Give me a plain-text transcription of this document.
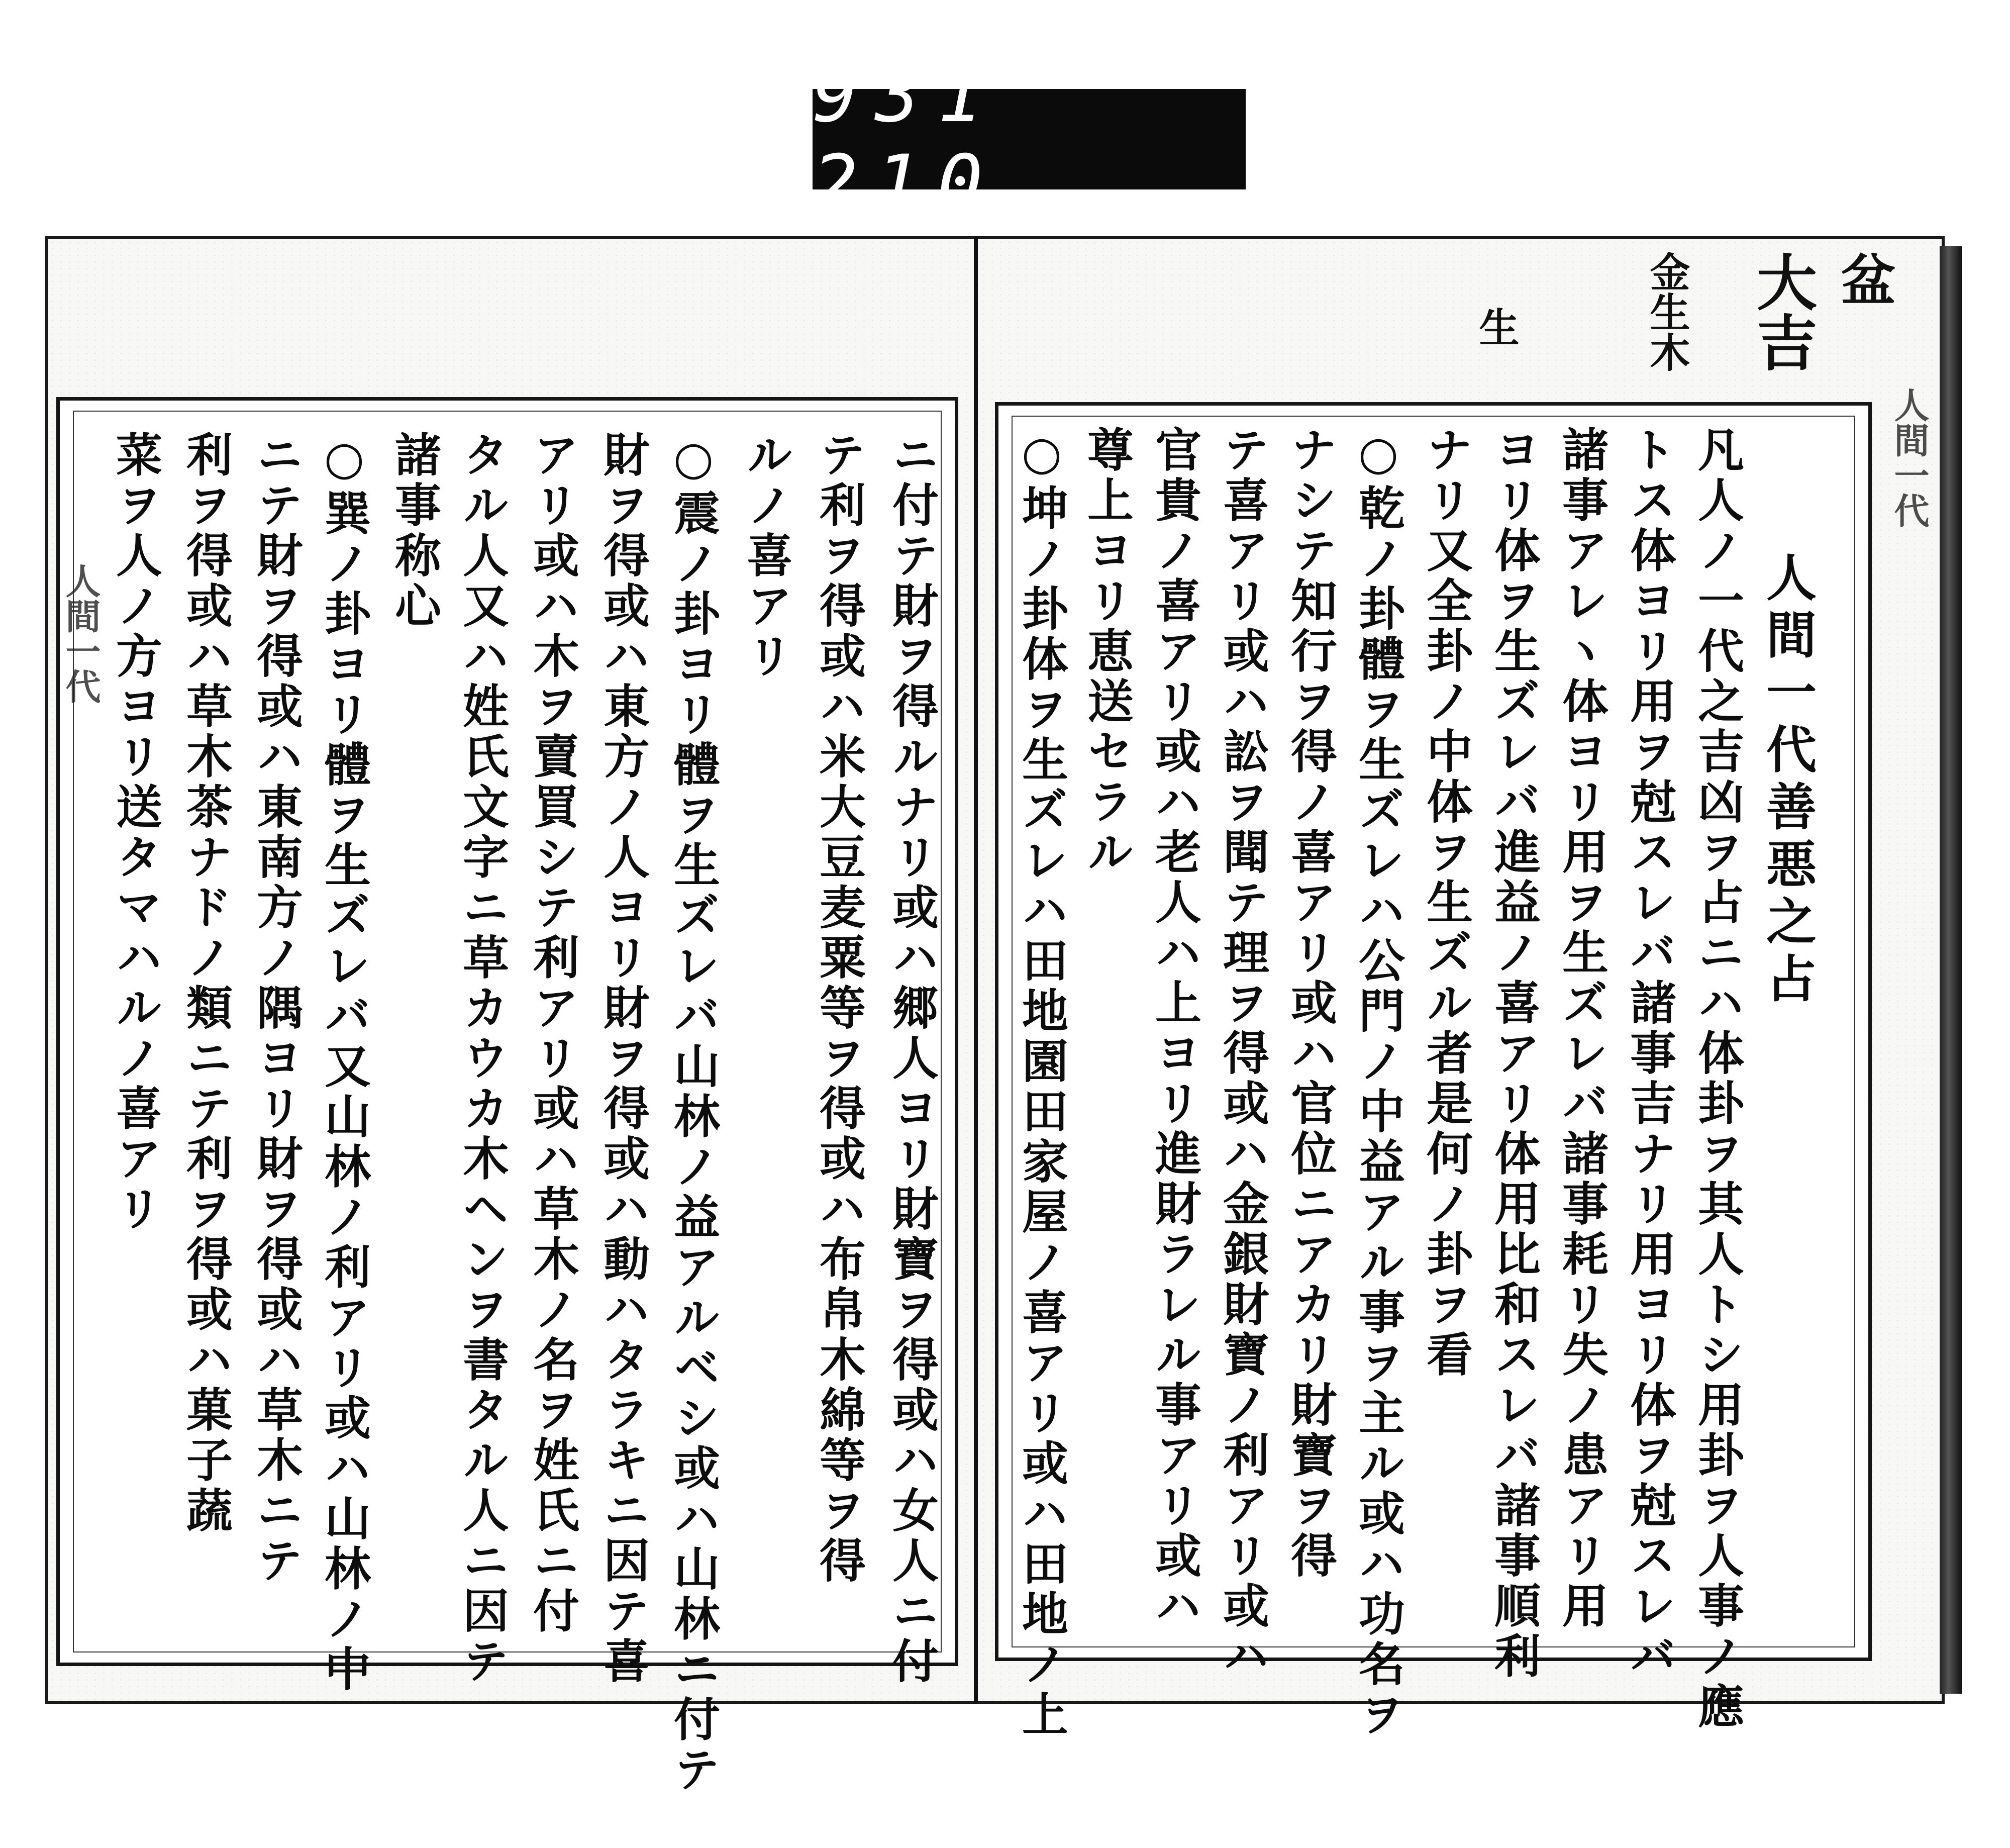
931 210.
人間一代
盆
大吉
金生木
生
ニ付テ財ヲ得ルナリ或ハ郷人ヨリ財寶ヲ得或ハ女人ニ付
テ利ヲ得或ハ米大豆麦粟等ヲ得或ハ布帛木綿等ヲ得
ルノ喜アリ
○震ノ卦ヨリ體ヲ生ズレバ山林ノ益アルベシ或ハ山林ニ付テ
財ヲ得或ハ東方ノ人ヨリ財ヲ得或ハ動ハタラキニ因テ喜
アリ或ハ木ヲ賣買シテ利アリ或ハ草木ノ名ヲ姓氏ニ付
タル人又ハ姓氏文字ニ草カウカ木ヘンヲ書タル人ニ因テ
諸事称心
○巽ノ卦ヨリ體ヲ生ズレバ又山林ノ利アリ或ハ山林ノ中
ニテ財ヲ得或ハ東南方ノ隅ヨリ財ヲ得或ハ草木ニテ
利ヲ得或ハ草木茶ナドノ類ニテ利ヲ得或ハ菓子蔬
菜ヲ人ノ方ヨリ送タマハルノ喜アリ	人間一代善悪之占
凡人ノ一代之吉凶ヲ占ニハ体卦ヲ其人トシ用卦ヲ人事ノ應
トス体ヨリ用ヲ尅スレバ諸事吉ナリ用ヨリ体ヲ尅スレバ
諸事アレヽ体ヨリ用ヲ生ズレバ諸事耗リ失ノ患アリ用
ヨリ体ヲ生ズレバ進益ノ喜アリ体用比和スレバ諸事順利
ナリ又全卦ノ中体ヲ生ズル者是何ノ卦ヲ看
○乾ノ卦體ヲ生ズレハ公門ノ中益アル事ヲ主ル或ハ功名ヲ
ナシテ知行ヲ得ノ喜アリ或ハ官位ニアカリ財寶ヲ得
テ喜アリ或ハ訟ヲ聞テ理ヲ得或ハ金銀財寶ノ利アリ或ハ
官貴ノ喜アリ或ハ老人ハ上ヨリ進財ラレル事アリ或ハ
尊上ヨリ恵送セラル
○坤ノ卦体ヲ生ズレハ田地園田家屋ノ喜アリ或ハ田地ノ上
人間一代
